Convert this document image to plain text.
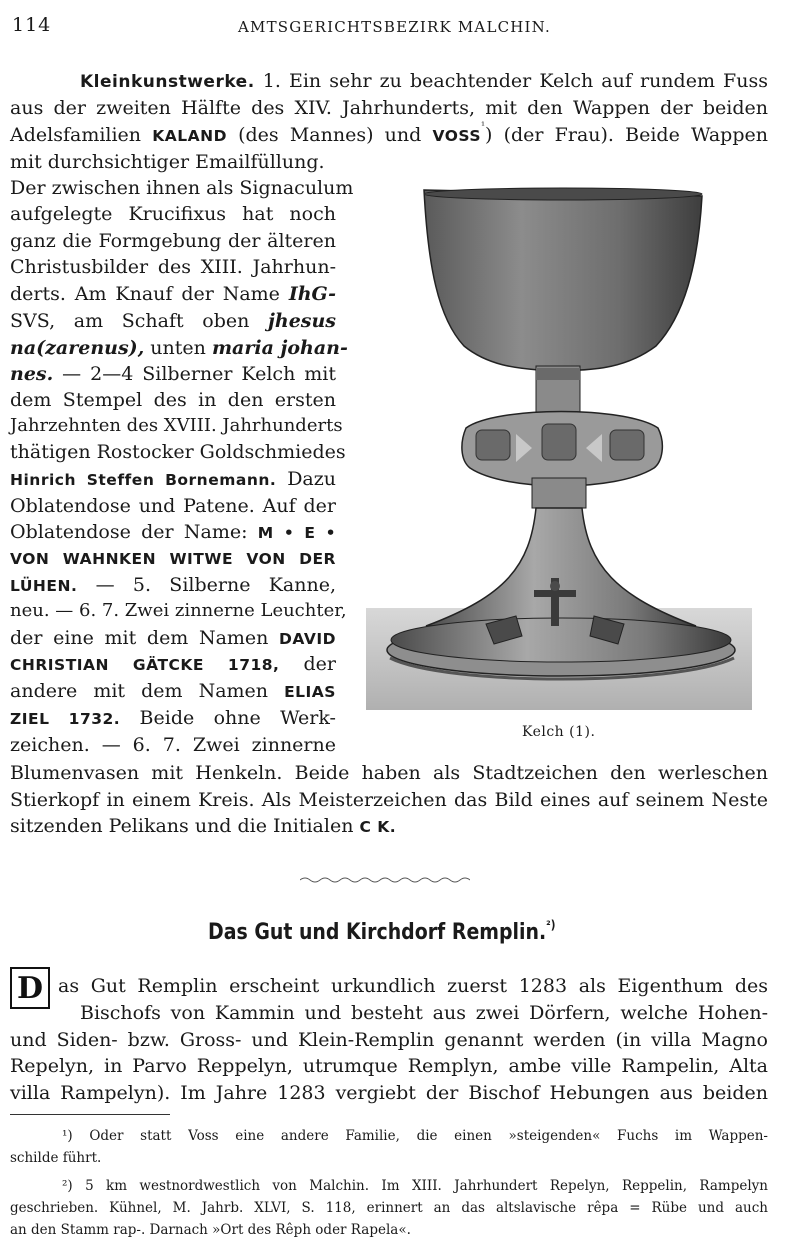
114	AMTSGERICHTSBEZIRK MALCHIN.
Kleinkunstwerke. 1. Ein sehr zu beachtender Kelch auf rundem Fuss
aus der zweiten Hälfte des XIV. Jahrhunderts, mit den Wappen der beiden
Adelsfamilien KALAND (des Mannes) und $VOSS^{^1}$) (der Frau). Beide Wappen
mit durchsichtiger Emailfüllung.
Der zwischen ihnen als Signaculum
aufgelegte Krucifixus hat noch
ganz die Formgebung der älteren
Christusbilder des XIII. Jahrhun-
derts. Am Knauf der Name IhG-
SVS, am Schaft oben jhesus
na(zarenus), unten maria johan-
nes. — 2—4 Silberner Kelch mit
dem Stempel des in den ersten
Jahrzehnten des XVIII. Jahrhunderts
thätigen Rostocker Goldschmiedes
Hinrich Steffen Bornemann. Dazu
Oblatendose und Patene. Auf der
Oblatendose der Name: M • E •
VON WAHNKEN WITWE VON DER
LÜHEN. — 5. Silberne Kanne,
neu. — 6. 7. Zwei zinnerne Leuchter,
der eine mit dem Namen DAVID
CHRISTIAN GÄTCKE 1718, der
andere mit dem Namen ELIAS
ZIEL 1732. Beide ohne Werk-
zeichen. — 6. 7. Zwei zinnerne
Blumenvasen mit Henkeln. Beide haben als Stadtzeichen den werleschen
Stierkopf in einem Kreis. Als Meisterzeichen das Bild eines auf seinem Neste
sitzenden Pelikans und die Initialen C K.
Kelch (1).
Das Gut und Kirchdorf Remplin.$^{^2)}$
D as Gut Remplin erscheint urkundlich zuerst 1283 als Eigenthum des
Bischofs von Kammin und besteht aus zwei Dörfern, welche Hohen-
und Siden- bzw. Gross- und Klein-Remplin genannt werden (in villa Magno
Repelyn, in Parvo Reppelyn, utrumque Remplyn, ambe ville Rampelin, Alta
villa Rampelyn). Im Jahre 1283 vergiebt der Bischof Hebungen aus beiden
¹) Oder statt Voss eine andere Familie, die einen »steigenden« Fuchs im Wappen-
schilde führt.
²) 5 km westnordwestlich von Malchin. Im XIII. Jahrhundert Repelyn, Reppelin, Rampelyn
geschrieben. Kühnel, M. Jahrb. XLVI, S. 118, erinnert an das altslavische rêpa = Rübe und auch
an den Stamm rap-. Darnach »Ort des Rêph oder Rapela«.
